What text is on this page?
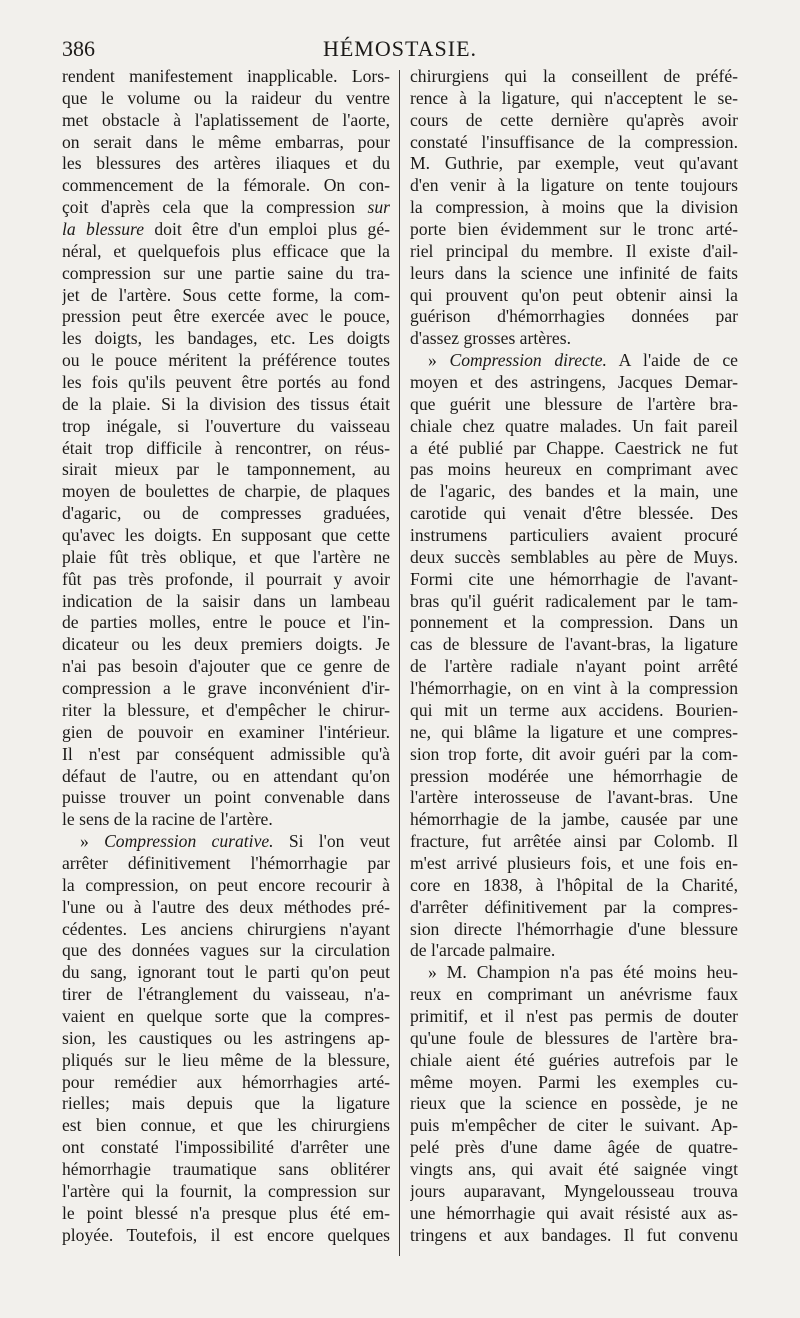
386	HÉMOSTASIE.
rendent manifestement inapplicable. Lors-
que le volume ou la raideur du ventre
met obstacle à l'aplatissement de l'aorte,
on serait dans le même embarras, pour
les blessures des artères iliaques et du
commencement de la fémorale. On con-
çoit d'après cela que la compression sur
la blessure doit être d'un emploi plus gé-
néral, et quelquefois plus efficace que la
compression sur une partie saine du tra-
jet de l'artère. Sous cette forme, la com-
pression peut être exercée avec le pouce,
les doigts, les bandages, etc. Les doigts
ou le pouce méritent la préférence toutes
les fois qu'ils peuvent être portés au fond
de la plaie. Si la division des tissus était
trop inégale, si l'ouverture du vaisseau
était trop difficile à rencontrer, on réus-
sirait mieux par le tamponnement, au
moyen de boulettes de charpie, de plaques
d'agaric, ou de compresses graduées,
qu'avec les doigts. En supposant que cette
plaie fût très oblique, et que l'artère ne
fût pas très profonde, il pourrait y avoir
indication de la saisir dans un lambeau
de parties molles, entre le pouce et l'in-
dicateur ou les deux premiers doigts. Je
n'ai pas besoin d'ajouter que ce genre de
compression a le grave inconvénient d'ir-
riter la blessure, et d'empêcher le chirur-
gien de pouvoir en examiner l'intérieur.
Il n'est par conséquent admissible qu'à
défaut de l'autre, ou en attendant qu'on
puisse trouver un point convenable dans
le sens de la racine de l'artère.
» Compression curative. Si l'on veut
arrêter définitivement l'hémorrhagie par
la compression, on peut encore recourir à
l'une ou à l'autre des deux méthodes pré-
cédentes. Les anciens chirurgiens n'ayant
que des données vagues sur la circulation
du sang, ignorant tout le parti qu'on peut
tirer de l'étranglement du vaisseau, n'a-
vaient en quelque sorte que la compres-
sion, les caustiques ou les astringens ap-
pliqués sur le lieu même de la blessure,
pour remédier aux hémorrhagies arté-
rielles; mais depuis que la ligature
est bien connue, et que les chirurgiens
ont constaté l'impossibilité d'arrêter une
hémorrhagie traumatique sans oblitérer
l'artère qui la fournit, la compression sur
le point blessé n'a presque plus été em-
ployée. Toutefois, il est encore quelques
chirurgiens qui la conseillent de préfé-
rence à la ligature, qui n'acceptent le se-
cours de cette dernière qu'après avoir
constaté l'insuffisance de la compression.
M. Guthrie, par exemple, veut qu'avant
d'en venir à la ligature on tente toujours
la compression, à moins que la division
porte bien évidemment sur le tronc arté-
riel principal du membre. Il existe d'ail-
leurs dans la science une infinité de faits
qui prouvent qu'on peut obtenir ainsi la
guérison d'hémorrhagies données par
d'assez grosses artères.
» Compression directe. A l'aide de ce
moyen et des astringens, Jacques Demar-
que guérit une blessure de l'artère bra-
chiale chez quatre malades. Un fait pareil
a été publié par Chappe. Caestrick ne fut
pas moins heureux en comprimant avec
de l'agaric, des bandes et la main, une
carotide qui venait d'être blessée. Des
instrumens particuliers avaient procuré
deux succès semblables au père de Muys.
Formi cite une hémorrhagie de l'avant-
bras qu'il guérit radicalement par le tam-
ponnement et la compression. Dans un
cas de blessure de l'avant-bras, la ligature
de l'artère radiale n'ayant point arrêté
l'hémorrhagie, on en vint à la compression
qui mit un terme aux accidens. Bourien-
ne, qui blâme la ligature et une compres-
sion trop forte, dit avoir guéri par la com-
pression modérée une hémorrhagie de
l'artère interosseuse de l'avant-bras. Une
hémorrhagie de la jambe, causée par une
fracture, fut arrêtée ainsi par Colomb. Il
m'est arrivé plusieurs fois, et une fois en-
core en 1838, à l'hôpital de la Charité,
d'arrêter définitivement par la compres-
sion directe l'hémorrhagie d'une blessure
de l'arcade palmaire.
» M. Champion n'a pas été moins heu-
reux en comprimant un anévrisme faux
primitif, et il n'est pas permis de douter
qu'une foule de blessures de l'artère bra-
chiale aient été guéries autrefois par le
même moyen. Parmi les exemples cu-
rieux que la science en possède, je ne
puis m'empêcher de citer le suivant. Ap-
pelé près d'une dame âgée de quatre-
vingts ans, qui avait été saignée vingt
jours auparavant, Myngelousseau trouva
une hémorrhagie qui avait résisté aux as-
tringens et aux bandages. Il fut convenu
